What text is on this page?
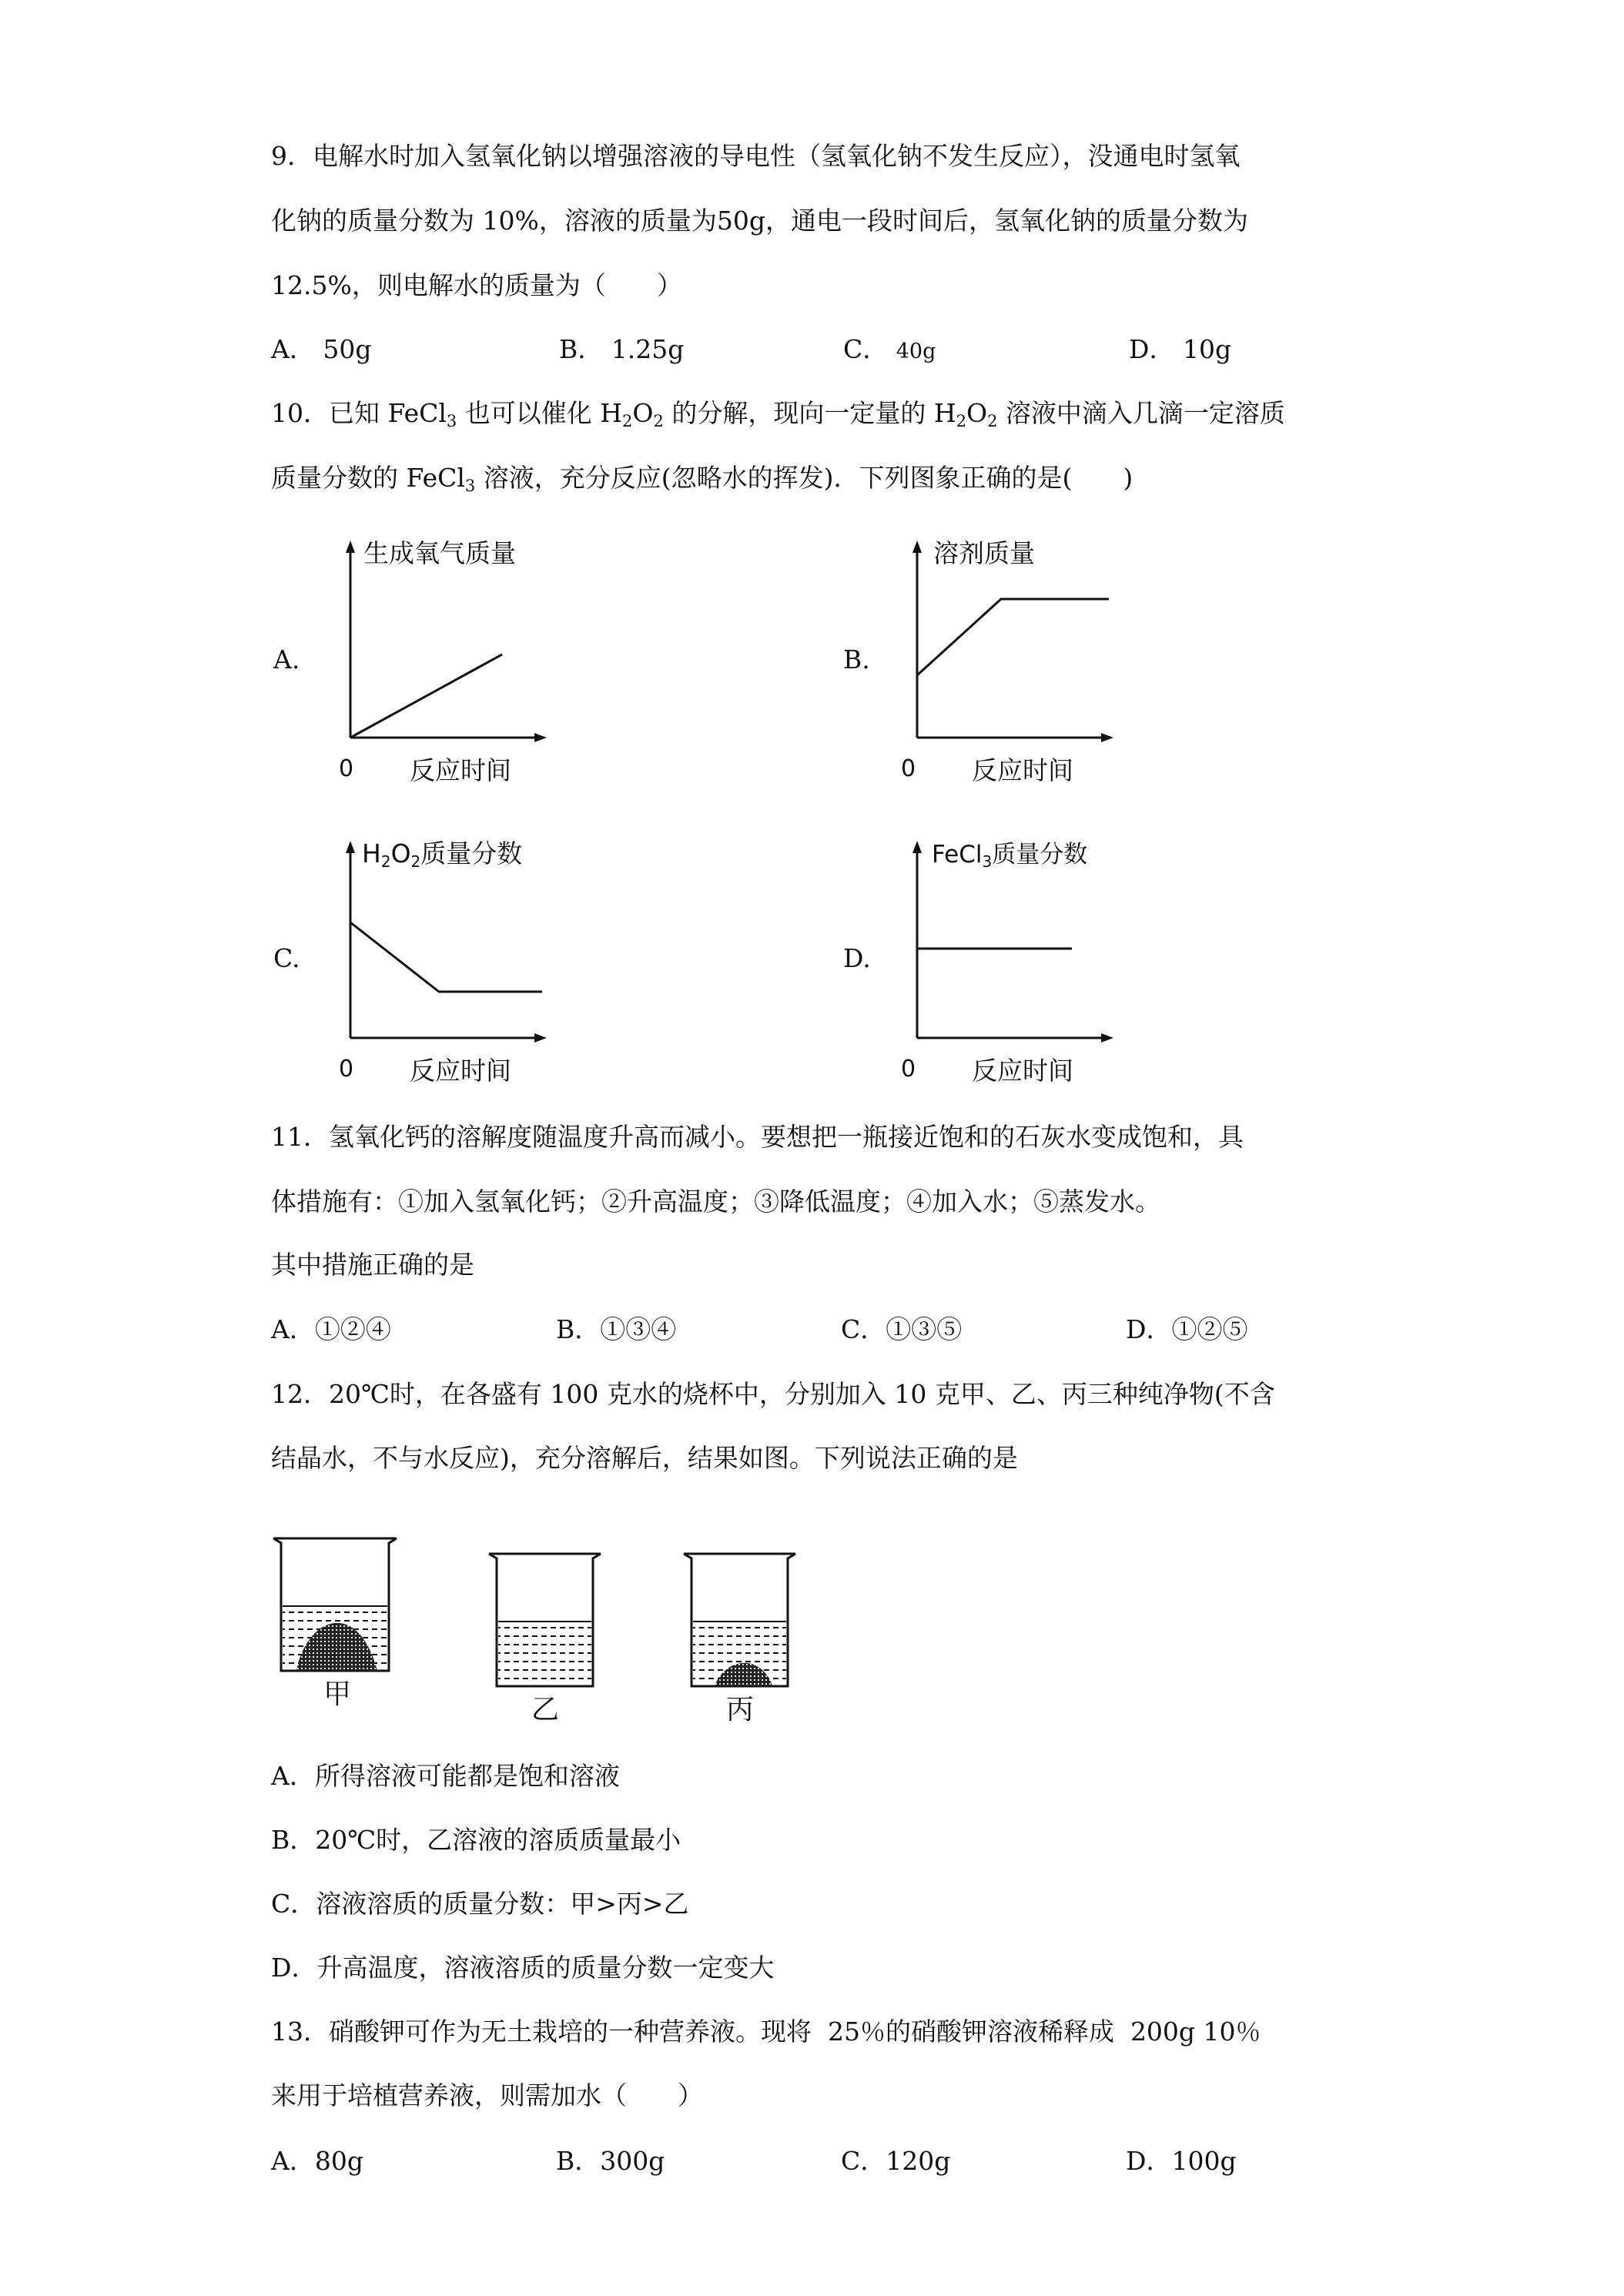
9．电解水时加入氢氧化钠以增强溶液的导电性（氢氧化钠不发生反应），没通电时氢氧
化钠的质量分数为 10%，溶液的质量为50g，通电一段时间后，氢氧化钠的质量分数为
12.5%，则电解水的质量为（　　）
A． 50g	B． 1.25g	C． 40g	D． 10g
10．已知 FeCl$_3$ 也可以催化 $H_2O_2$ 的分解，现向一定量的 $H_2O_2$ 溶液中滴入几滴一定溶质
质量分数的 FeCl$_3$ 溶液，充分反应(忽略水的挥发)．下列图象正确的是(　　)
A.
生成氧气质量
0 反应时间
B.
溶剂质量
0 反应时间
C.
H2O2质量分数
0 反应时间
D.
FeCl3质量分数
0 反应时间
11．氢氧化钙的溶解度随温度升高而减小。要想把一瓶接近饱和的石灰水变成饱和，具
体措施有：①加入氢氧化钙；②升高温度；③降低温度；④加入水；⑤蒸发水。
其中措施正确的是
A．①②④	B．①③④	C．①③⑤	D．①②⑤
12．20℃时，在各盛有 100 克水的烧杯中，分别加入 10 克甲、乙、丙三种纯净物(不含
结晶水，不与水反应)，充分溶解后，结果如图。下列说法正确的是
甲	乙	丙
A．所得溶液可能都是饱和溶液
B．20℃时，乙溶液的溶质质量最小
C．溶液溶质的质量分数：甲>丙>乙
D．升高温度，溶液溶质的质量分数一定变大
13．硝酸钾可作为无土栽培的一种营养液。现将  25％的硝酸钾溶液稀释成  200g 10％
来用于培植营养液，则需加水（　　）
A．80g	B．300g	C．120g	D．100g
